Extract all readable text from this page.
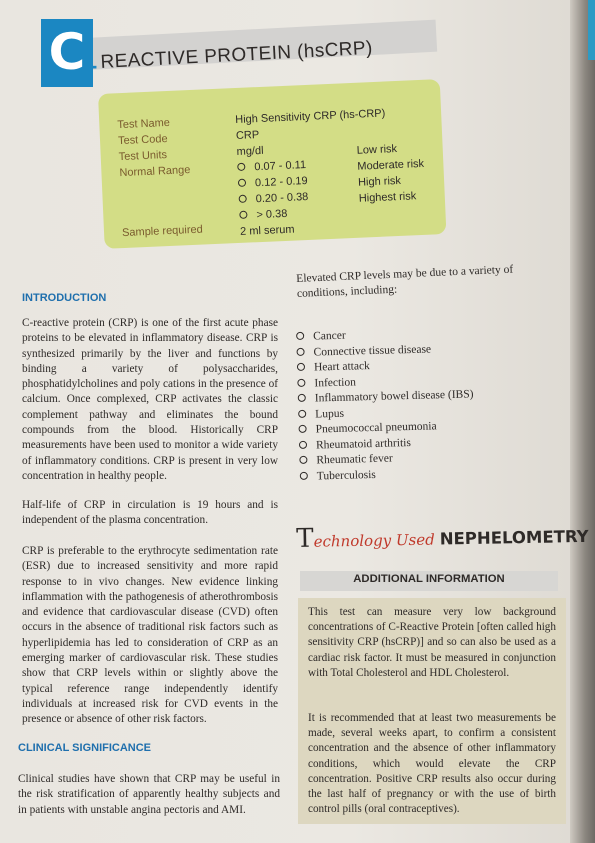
C - REACTIVE PROTEIN (hsCRP)
Test Name
Test Code
Test Units
Normal Range
Sample required
High Sensitivity CRP (hs-CRP)
CRP
mg/dl
0.07 - 0.11
0.12 - 0.19
0.20 - 0.38
> 0.38
2 ml serum
Low risk
Moderate risk
High risk
Highest risk
INTRODUCTION

C-reactive protein (CRP) is one of the first acute phase proteins to be elevated in inflammatory disease. CRP is synthesized primarily by the liver and functions by binding a variety of polysaccharides, phosphatidylcholines and poly cations in the presence of calcium. Once complexed, CRP activates the classic complement pathway and eliminates the bound compounds from the blood. Historically CRP measurements have been used to monitor a wide variety of inflammatory conditions. CRP is present in very low concentration in healthy people.

Half-life of CRP in circulation is 19 hours and is independent of the plasma concentration.

CRP is preferable to the erythrocyte sedimentation rate (ESR) due to increased sensitivity and more rapid response to in vivo changes. New evidence linking inflammation with the pathogenesis of atherothrombosis and evidence that cardiovascular disease (CVD) often occurs in the absence of traditional risk factors such as hyperlipidemia has led to consideration of CRP as an emerging marker of cardiovascular risk. These studies show that CRP levels within or slightly above the typical reference range independently identify individuals at increased risk for CVD events in the presence or absence of other risk factors.

CLINICAL SIGNIFICANCE

Clinical studies have shown that CRP may be useful in the risk stratification of apparently healthy subjects and in patients with unstable angina pectoris and AMI.

Elevated CRP levels may be due to a variety of conditions, including:

Cancer
Connective tissue disease
Heart attack
Infection
Inflammatory bowel disease (IBS)
Lupus
Pneumococcal pneumonia
Rheumatoid arthritis
Rheumatic fever
Tuberculosis
Technology Used NEPHELOMETRY
ADDITIONAL INFORMATION

This test can measure very low background concentrations of C-Reactive Protein [often called high sensitivity CRP (hsCRP)] and so can also be used as a cardiac risk factor. It must be measured in conjunction with Total Cholesterol and HDL Cholesterol.

It is recommended that at least two measurements be made, several weeks apart, to confirm a consistent concentration and the absence of other inflammatory conditions, which would elevate the CRP concentration. Positive CRP results also occur during the last half of pregnancy or with the use of birth control pills (oral contraceptives).
